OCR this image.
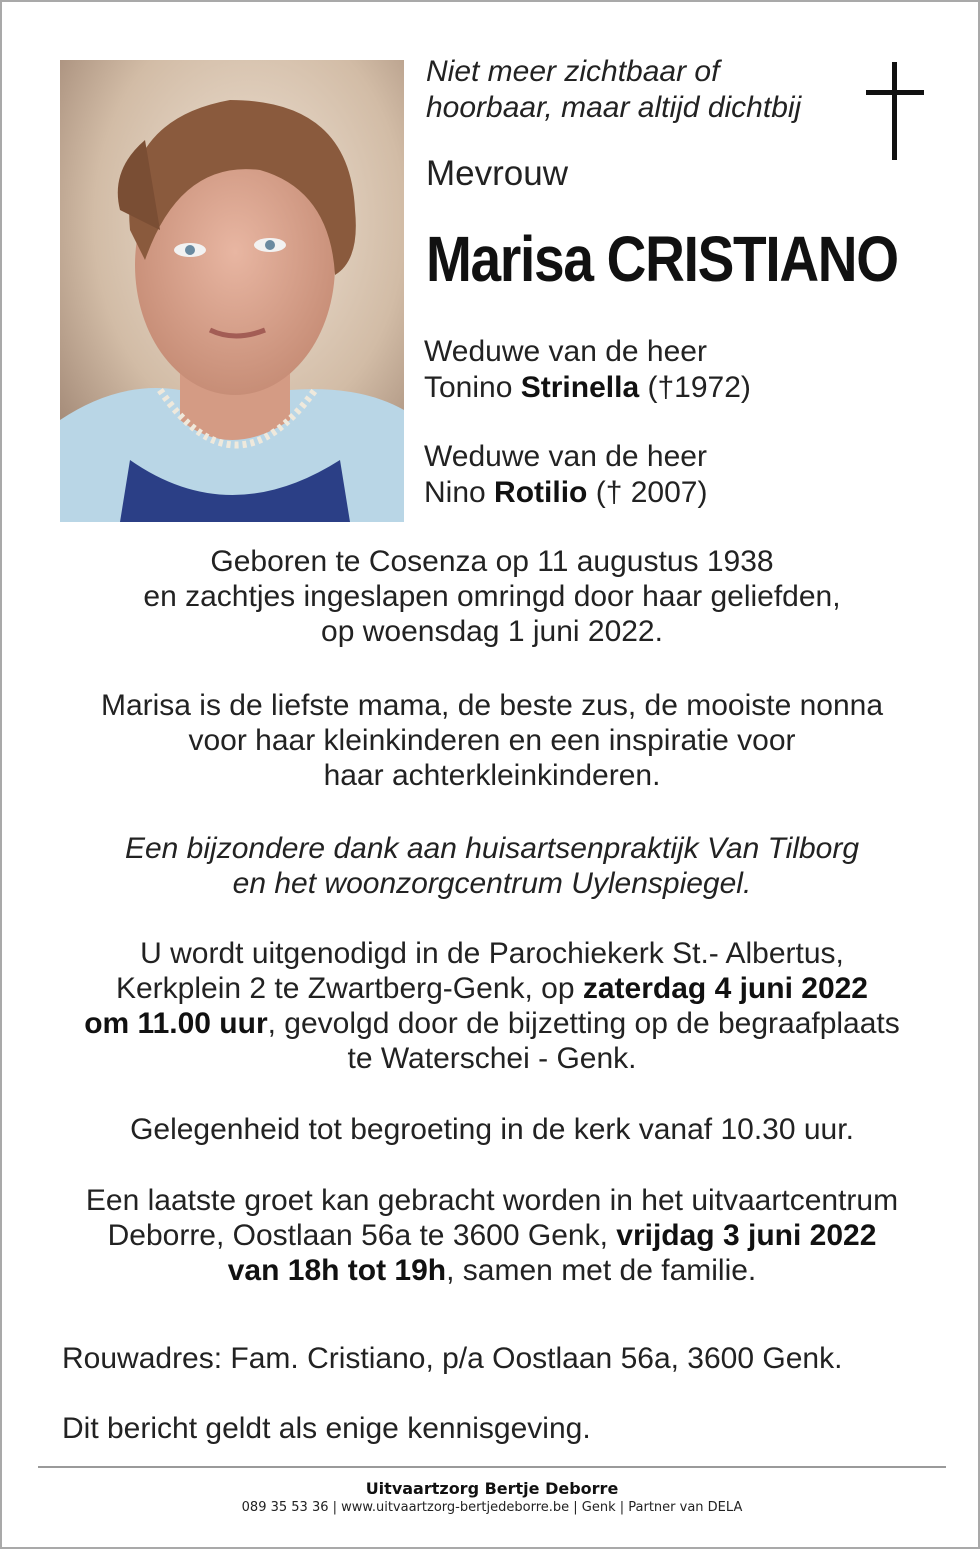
Niet meer zichtbaar of
hoorbaar, maar altijd dichtbij
Mevrouw
Marisa CRISTIANO
Weduwe van de heer
Tonino Strinella (†1972)
Weduwe van de heer
Nino Rotilio († 2007)
Geboren te Cosenza op 11 augustus 1938
en zachtjes ingeslapen omringd door haar geliefden,
op woensdag 1 juni 2022.
Marisa is de liefste mama, de beste zus, de mooiste nonna
voor haar kleinkinderen en een inspiratie voor
haar achterkleinkinderen.
Een bijzondere dank aan huisartsenpraktijk Van Tilborg
en het woonzorgcentrum Uylenspiegel.
U wordt uitgenodigd in de Parochiekerk St.- Albertus,
Kerkplein 2 te Zwartberg-Genk, op zaterdag 4 juni 2022
om 11.00 uur, gevolgd door de bijzetting op de begraafplaats
te Waterschei - Genk.
Gelegenheid tot begroeting in de kerk vanaf 10.30 uur.
Een laatste groet kan gebracht worden in het uitvaartcentrum
Deborre, Oostlaan 56a te 3600 Genk, vrijdag 3 juni 2022
van 18h tot 19h, samen met de familie.
Rouwadres: Fam. Cristiano, p/a Oostlaan 56a, 3600 Genk.
Dit bericht geldt als enige kennisgeving.
Uitvaartzorg Bertje Deborre
089 35 53 36 | www.uitvaartzorg-bertjedeborre.be | Genk | Partner van DELA
